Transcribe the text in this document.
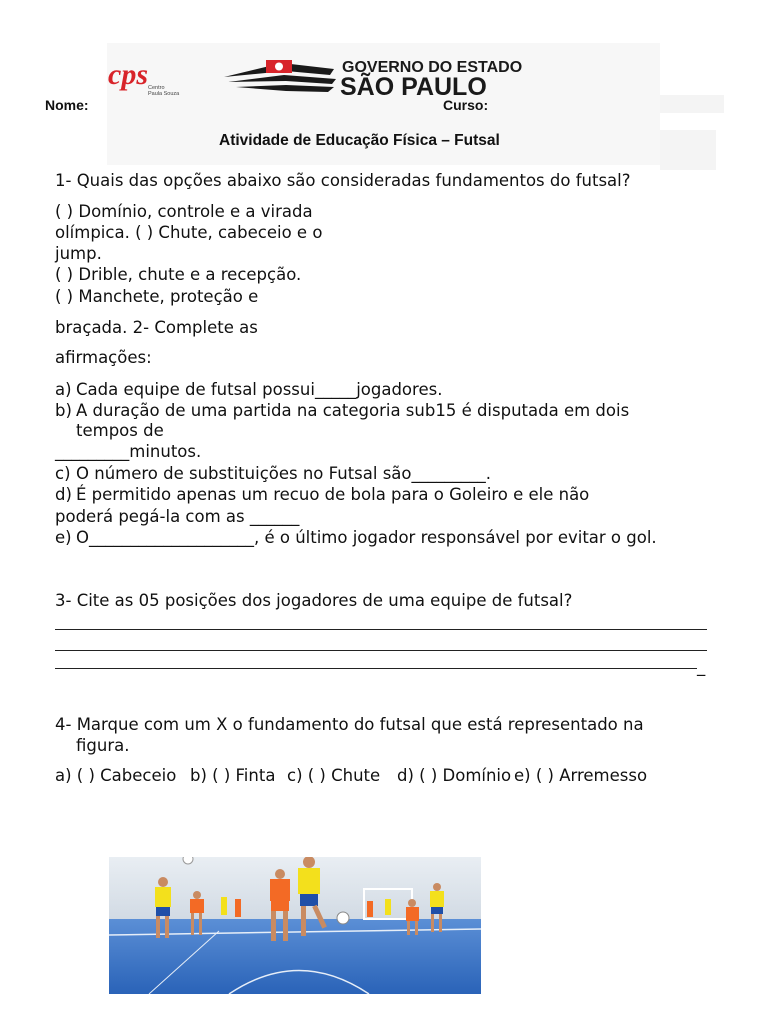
cps Centro
Paula Souza
GOVERNO DO ESTADO
SÃO PAULO
Nome:	Curso:
Atividade de Educação Física – Futsal
1- Quais das opções abaixo são consideradas fundamentos do futsal?
( ) Domínio, controle e a virada
olímpica. ( ) Chute, cabeceio e o
jump.
( ) Drible, chute e a recepção.
( ) Manchete, proteção e
braçada. 2- Complete as
afirmações:
a) Cada equipe de futsal possui_____jogadores.
b) A duração de uma partida na categoria sub15 é disputada em dois
tempos de
_________minutos.
c) O número de substituições no Futsal são_________.
d) É permitido apenas um recuo de bola para o Goleiro e ele não
poderá pegá-la com as ______
e) O____________________, é o último jogador responsável por evitar o gol.
3- Cite as 05 posições dos jogadores de uma equipe de futsal?
_
4- Marque com um X o fundamento do futsal que está representado na
figura.
a) ( ) Cabeceio b) ( ) Finta c) ( ) Chute d) ( ) Domínio e) ( ) Arremesso
